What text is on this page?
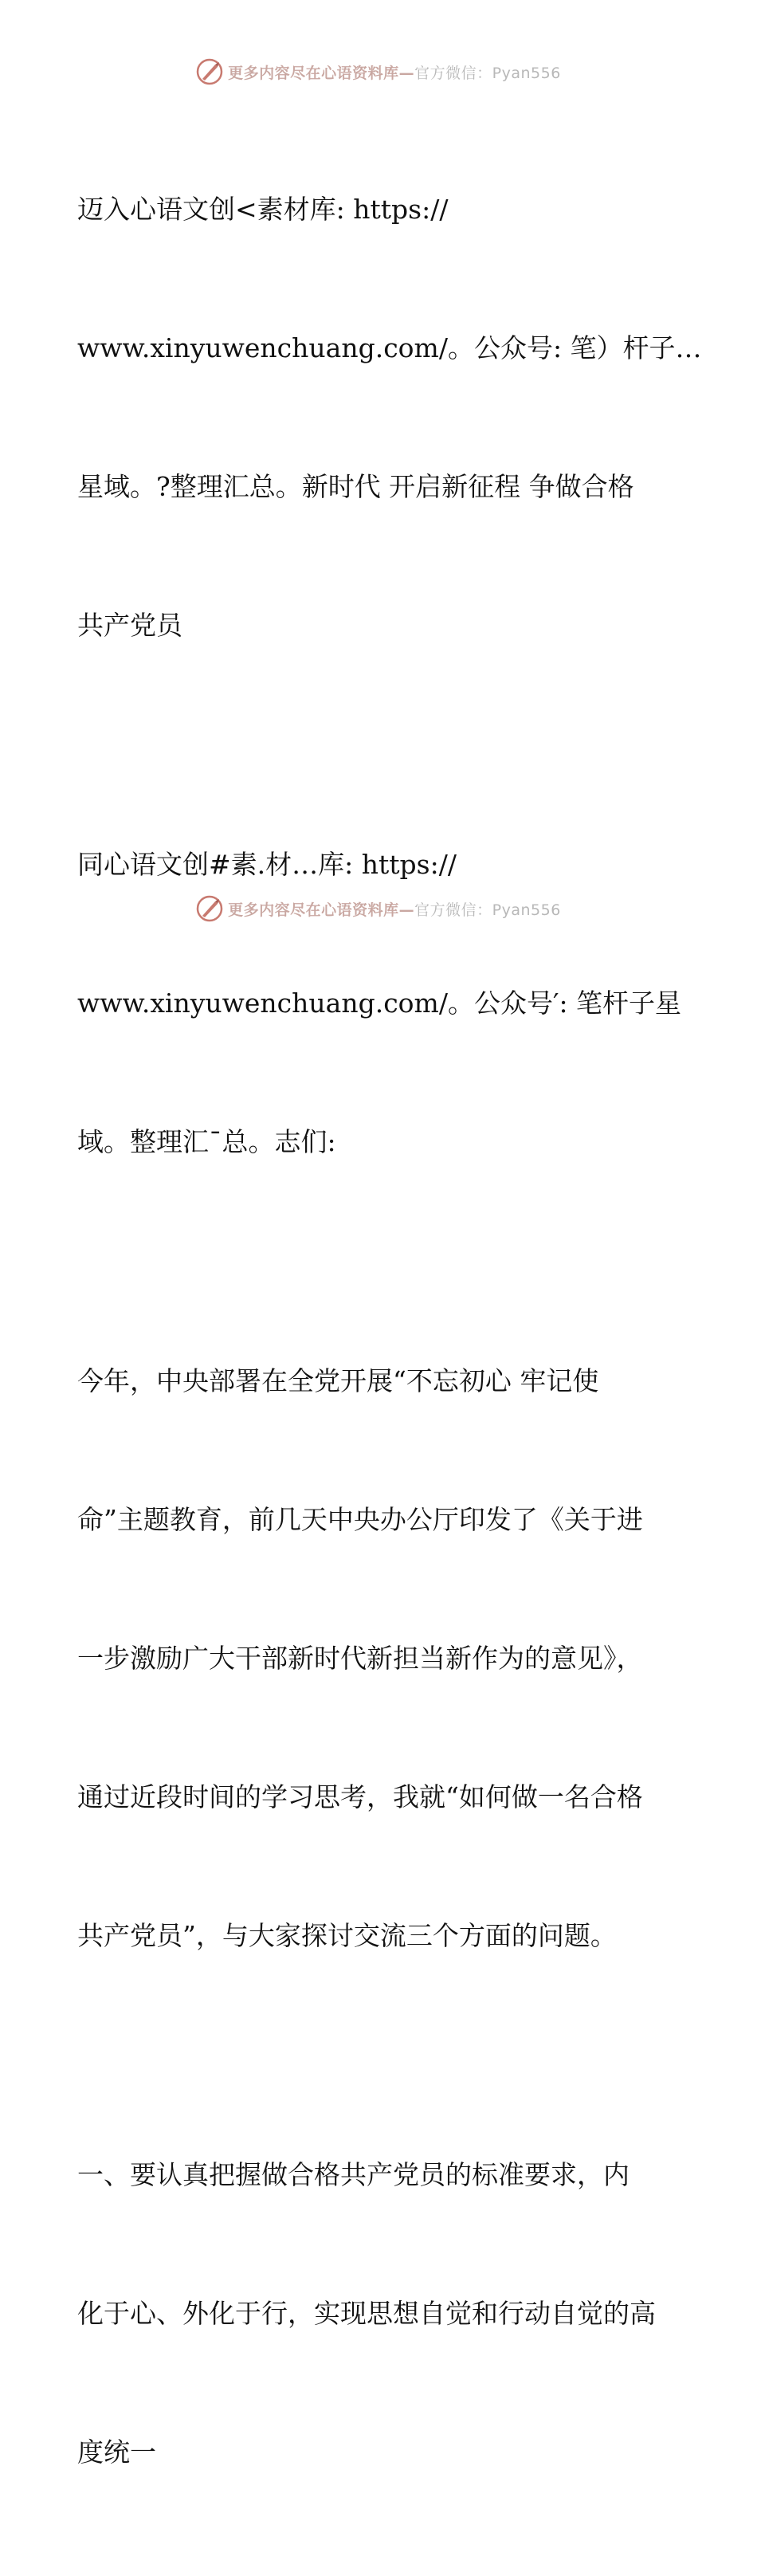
更多内容尽在心语资料库—官方微信：Pyan556

迈入心语文创<素材库: https://

www.xinyuwenchuang.com/。公众号: 笔）杆子…

星域。?整理汇总。新时代 开启新征程 争做合格

共产党员

同心语文创#素.材…库: https://

www.xinyuwenchuang.com/。公众号′: 笔杆子星

域。整理汇¯总。志们:

今年，中央部署在全党开展“不忘初心 牢记使

命”主题教育，前几天中央办公厅印发了《关于进

一步激励广大干部新时代新担当新作为的意见》，

通过近段时间的学习思考，我就“如何做一名合格

共产党员”，与大家探讨交流三个方面的问题。

一、要认真把握做合格共产党员的标准要求，内

化于心、外化于行，实现思想自觉和行动自觉的高

度统一

更多内容尽在心语资料库—官方微信：Pyan556
